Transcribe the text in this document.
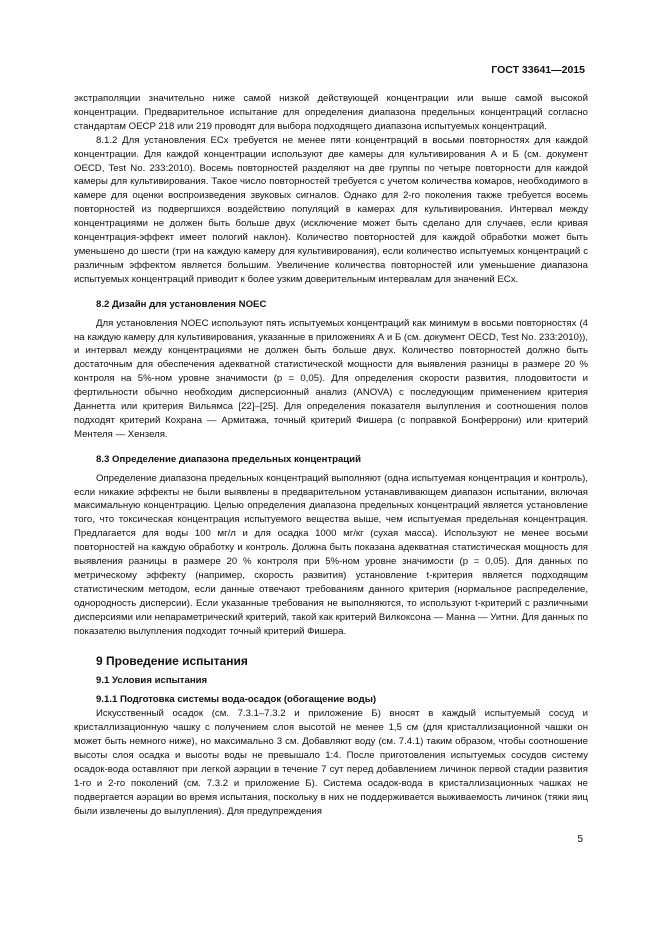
ГОСТ 33641—2015

экстраполяции значительно ниже самой низкой действующей концентрации или выше самой высокой концентрации. Предварительное испытание для определения диапазона предельных концентраций согласно стандартам OECP 218 или 219 проводят для выбора подходящего диапазона испытуемых концентраций.

8.1.2 Для установления ECx требуется не менее пяти концентраций в восьми повторностях для каждой концентрации. Для каждой концентрации используют две камеры для культивирования А и Б (см. документ OECD, Test No. 233:2010). Восемь повторностей разделяют на две группы по четыре повторности для каждой камеры для культивирования. Такое число повторностей требуется с учетом количества комаров, необходимого в камере для оценки воспроизведения звуковых сигналов. Однако для 2-го поколения также требуется восемь повторностей из подвергшихся воздействию популяций в камерах для культивирования. Интервал между концентрациями не должен быть больше двух (исключение может быть сделано для случаев, если кривая концентрация-эффект имеет пологий наклон). Количество повторностей для каждой обработки может быть уменьшено до шести (три на каждую камеру для культивирования), если количество испытуемых концентраций с различным эффектом является большим. Увеличение количества повторностей или уменьшение диапазона испытуемых концентраций приводит к более узким доверительным интервалам для значений ECx.

8.2 Дизайн для установления NOEC

Для установления NOEC используют пять испытуемых концентраций как минимум в восьми повторностях (4 на каждую камеру для культивирования, указанные в приложениях А и Б (см. документ OECD, Test No. 233:2010)), и интервал между концентрациями не должен быть больше двух. Количество повторностей должно быть достаточным для обеспечения адекватной статистической мощности для выявления разницы в размере 20 % контроля на 5%-ном уровне значимости (р = 0,05). Для определения скорости развития, плодовитости и фертильности обычно необходим дисперсионный анализ (ANOVA) с последующим применением критерия Даннетта или критерия Вильямса [22]–[25]. Для определения показателя вылупления и соотношения полов подходят критерий Кохрана — Армитажа, точный критерий Фишера (с поправкой Бонферрони) или критерий Ментеля — Хензеля.

8.3 Определение диапазона предельных концентраций

Определение диапазона предельных концентраций выполняют (одна испытуемая концентрация и контроль), если никакие эффекты не были выявлены в предварительном устанавливающем диапазон испытании, включая максимальную концентрацию. Целью определения диапазона предельных концентраций является установление того, что токсическая концентрация испытуемого вещества выше, чем испытуемая предельная концентрация. Предлагается для воды 100 мг/л и для осадка 1000 мг/кг (сухая масса). Используют не менее восьми повторностей на каждую обработку и контроль. Должна быть показана адекватная статистическая мощность для выявления разницы в размере 20 % контроля при 5%-ном уровне значимости (р = 0,05). Для данных по метрическому эффекту (например, скорость развития) установление t-критерия является подходящим статистическим методом, если данные отвечают требованиям данного критерия (нормальное распределение, однородность дисперсии). Если указанные требования не выполняются, то используют t-критерий с различными дисперсиями или непараметрический критерий, такой как критерий Вилкоксона — Манна — Уитни. Для данных по показателю вылупления подходит точный критерий Фишера.

9 Проведение испытания
9.1 Условия испытания
9.1.1 Подготовка системы вода-осадок (обогащение воды)

Искусственный осадок (см. 7.3.1–7.3.2 и приложение Б) вносят в каждый испытуемый сосуд и кристаллизационную чашку с получением слоя высотой не менее 1,5 см (для кристаллизационной чашки он может быть немного ниже), но максимально 3 см. Добавляют воду (см. 7.4.1) таким образом, чтобы соотношение высоты слоя осадка и высоты воды не превышало 1:4. После приготовления испытуемых сосудов систему осадок-вода оставляют при легкой аэрации в течение 7 сут перед добавлением личинок первой стадии развития 1-го и 2-го поколений (см. 7.3.2 и приложение Б). Система осадок-вода в кристаллизационных чашках не подвергается аэрации во время испытания, поскольку в них не поддерживается выживаемость личинок (тяжи яиц были извлечены до вылупления). Для предупреждения

5
